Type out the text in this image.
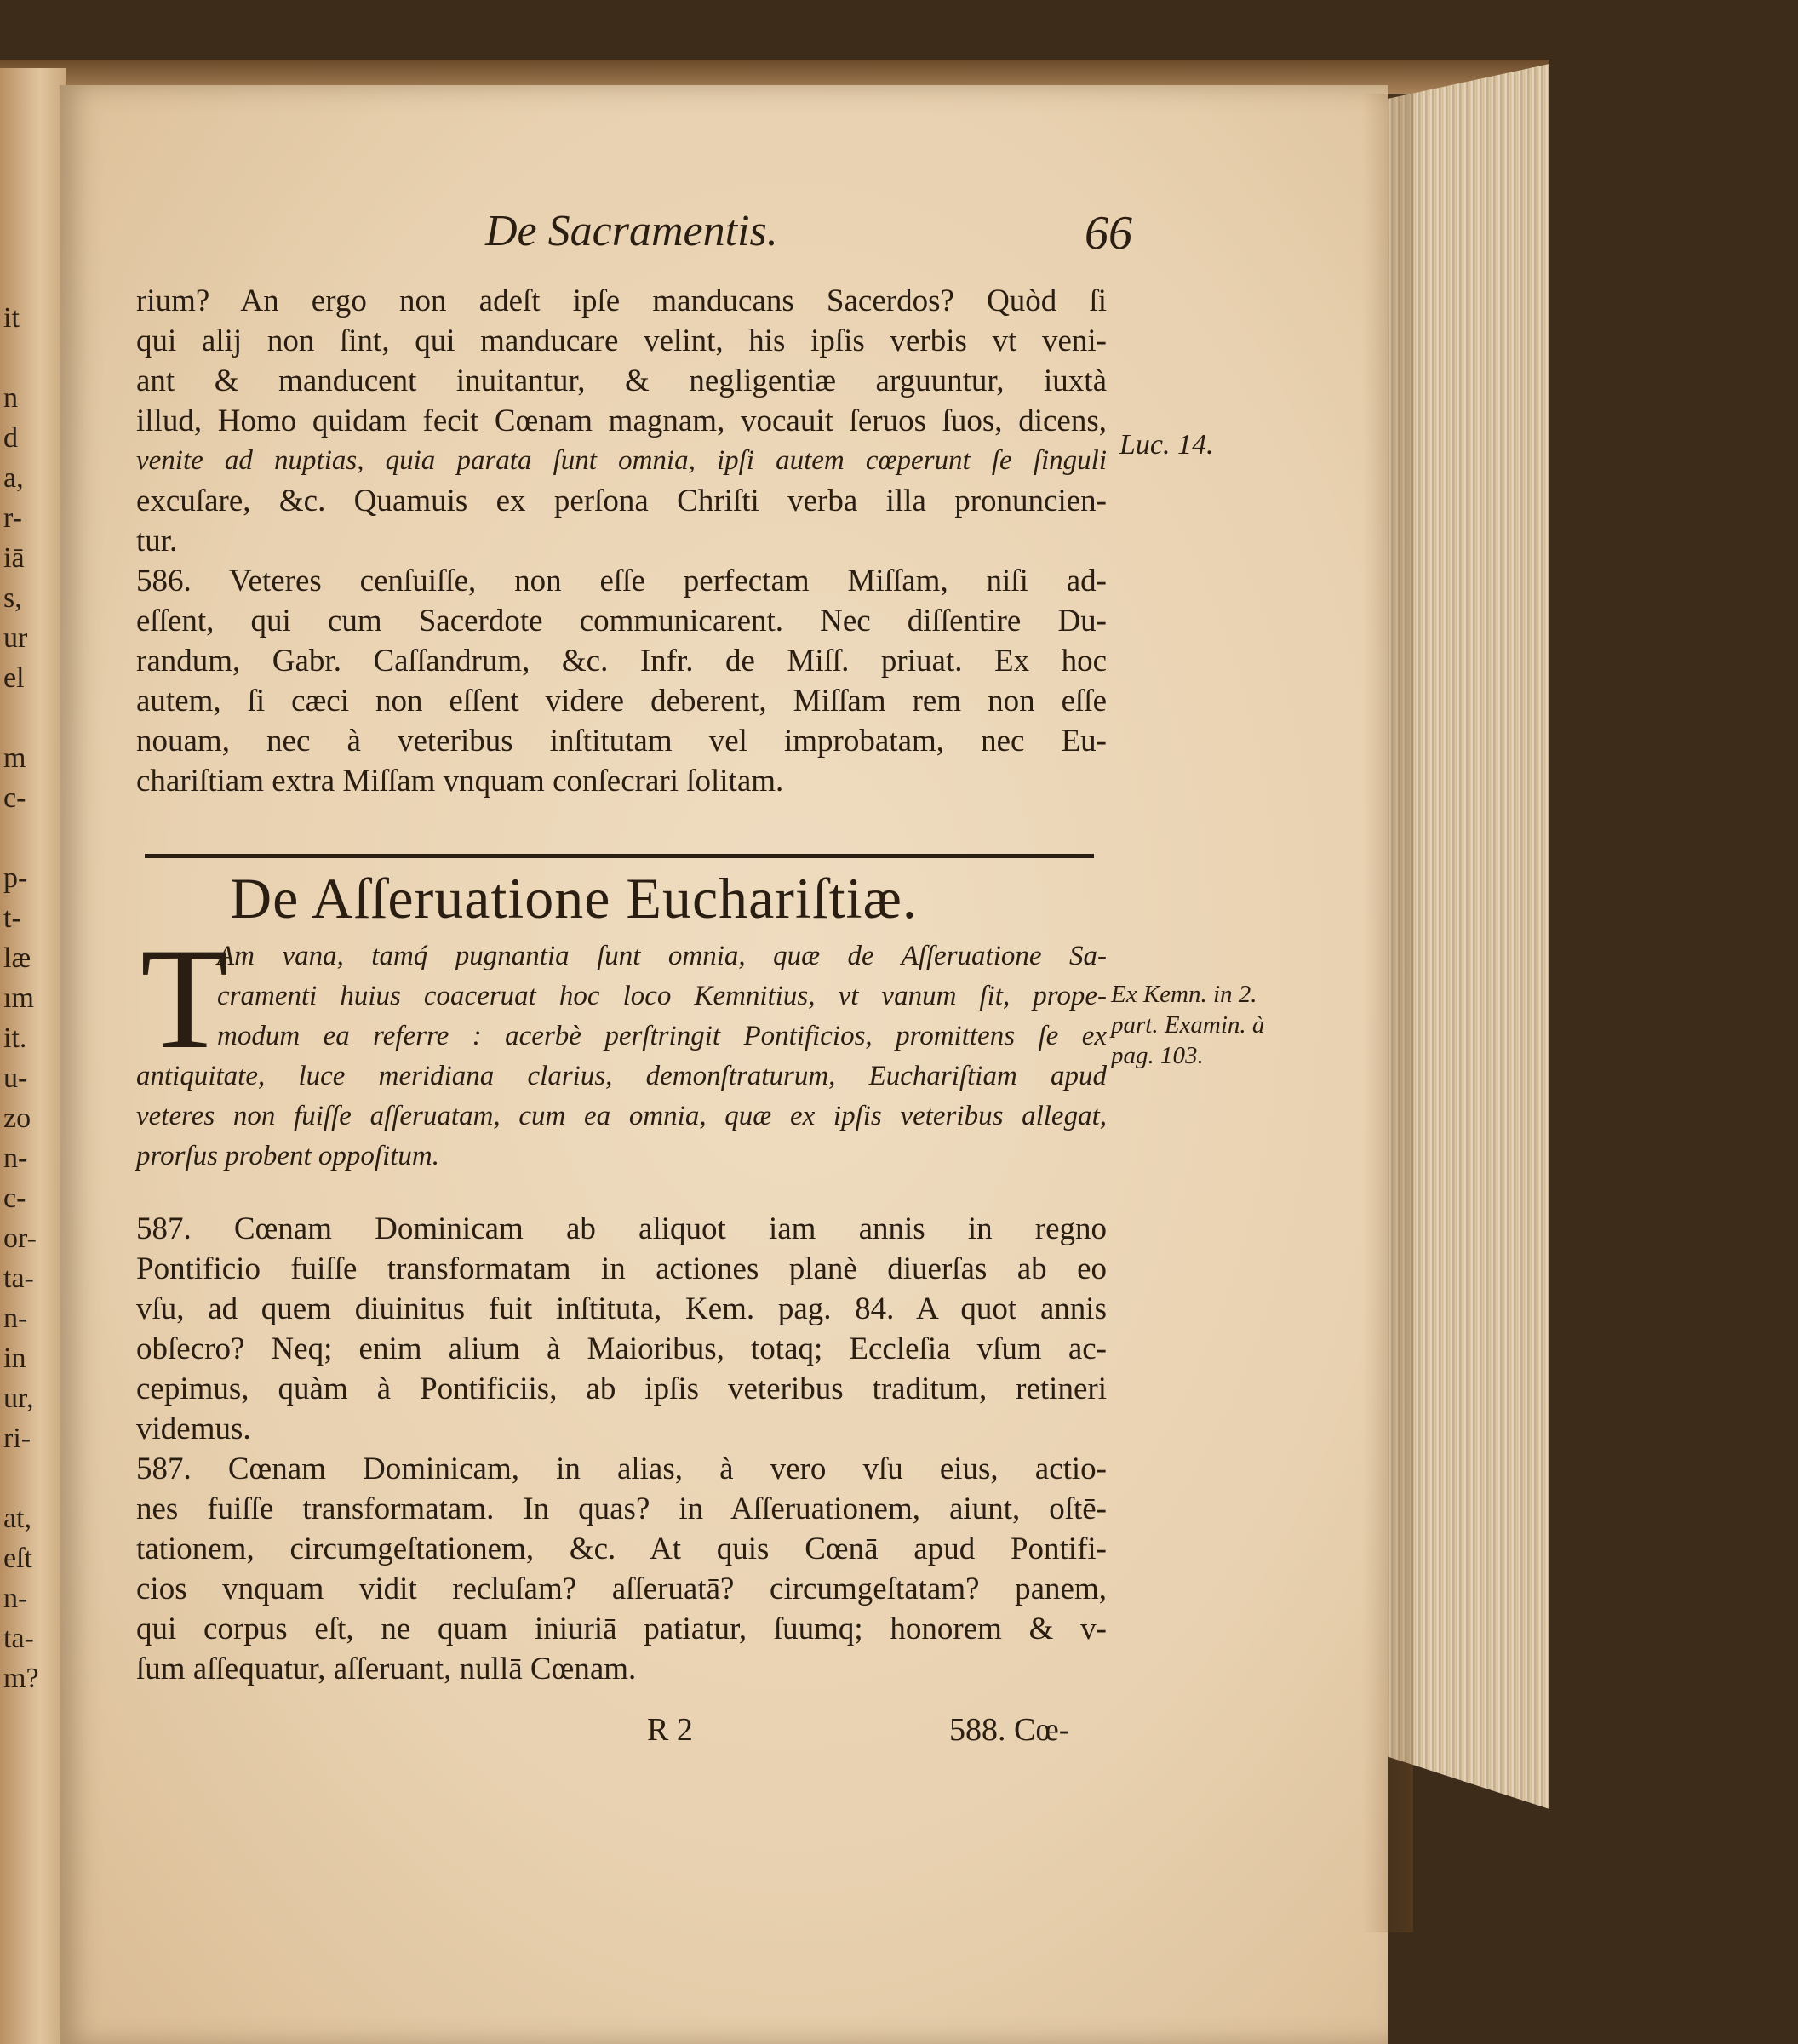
it
n
d
a,
r-
iā
s,
ur
el
m
c-
p-
t-
læ
ım
it.
u-
zo
n-
c-
or-
ta-
n-
in
ur,
ri-
at,
eſt
n-
ta-
m?
De Sacramentis.	66
rium? An ergo non adeſt ipſe manducans Sacerdos? Quòd ſi
qui alij non ſint, qui manducare velint, his ipſis verbis vt veni-
ant & manducent inuitantur, & negligentiæ arguuntur, iuxtà
illud, Homo quidam fecit Cœnam magnam, vocauit ſeruos ſuos, dicens,
venite ad nuptias, quia parata ſunt omnia, ipſi autem cœperunt ſe ſinguli
excuſare, &c. Quamuis ex perſona Chriſti verba illa pronuncien-
tur.
586. Veteres cenſuiſſe, non eſſe perfectam Miſſam, niſi ad-
eſſent, qui cum Sacerdote communicarent. Nec diſſentire Du-
randum, Gabr. Caſſandrum, &c. Infr. de Miſſ. priuat. Ex hoc
autem, ſi cæci non eſſent videre deberent, Miſſam rem non eſſe
nouam, nec à veteribus inſtitutam vel improbatam, nec Eu-
chariſtiam extra Miſſam vnquam conſecrari ſolitam.
Luc. 14.
De Aſſeruatione Euchariſtiæ.
T
Am vana, tamq́ pugnantia ſunt omnia, quæ de Aſſeruatione Sa-
cramenti huius coaceruat hoc loco Kemnitius, vt vanum ſit, prope-
modum ea referre : acerbè perſtringit Pontificios, promittens ſe ex
antiquitate, luce meridiana clarius, demonſtraturum, Euchariſtiam apud
veteres non fuiſſe aſſeruatam, cum ea omnia, quæ ex ipſis veteribus allegat,
prorſus probent oppoſitum.
Ex Kemn. in 2.
part. Examin. à
pag. 103.
587. Cœnam Dominicam ab aliquot iam annis in regno
Pontificio fuiſſe transformatam in actiones planè diuerſas ab eo
vſu, ad quem diuinitus fuit inſtituta, Kem. pag. 84. A quot annis
obſecro? Neq; enim alium à Maioribus, totaq; Eccleſia vſum ac-
cepimus, quàm à Pontificiis, ab ipſis veteribus traditum, retineri
videmus.
587. Cœnam Dominicam, in alias, à vero vſu eius, actio-
nes fuiſſe transformatam. In quas? in Aſſeruationem, aiunt, oſtē-
tationem, circumgeſtationem, &c. At quis Cœnā apud Pontifi-
cios vnquam vidit recluſam? aſſeruatā? circumgeſtatam? panem,
qui corpus eſt, ne quam iniuriā patiatur, ſuumq; honorem & v-
ſum aſſequatur, aſſeruant, nullā Cœnam.
R 2	588. Cœ-
